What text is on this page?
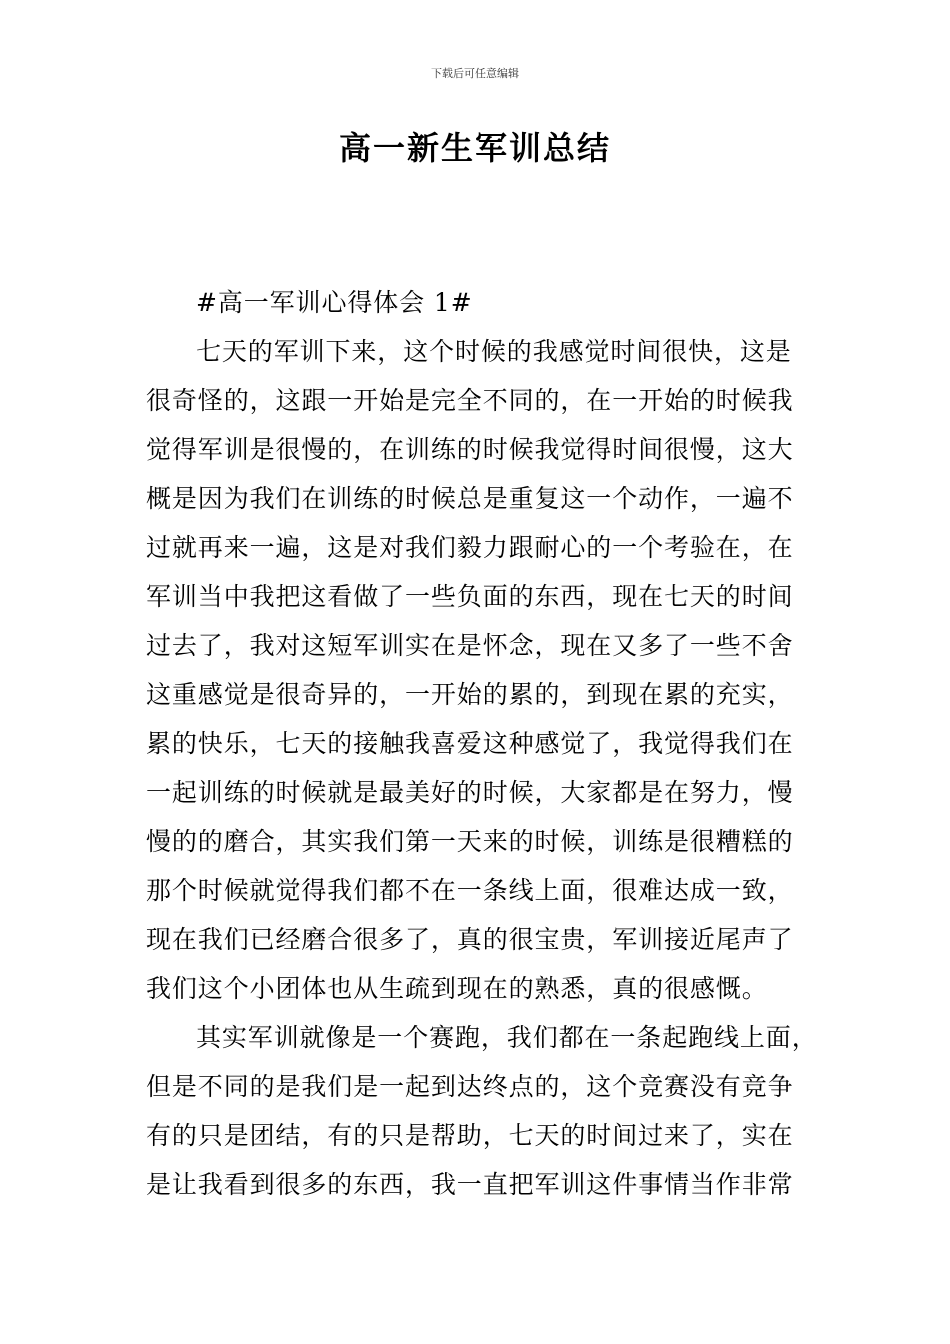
下载后可任意编辑
高一新生军训总结
#高一军训心得体会 1#
七天的军训下来，这个时候的我感觉时间很快，这是
很奇怪的，这跟一开始是完全不同的，在一开始的时候我
觉得军训是很慢的，在训练的时候我觉得时间很慢，这大
概是因为我们在训练的时候总是重复这一个动作，一遍不
过就再来一遍，这是对我们毅力跟耐心的一个考验在，在
军训当中我把这看做了一些负面的东西，现在七天的时间
过去了，我对这短军训实在是怀念，现在又多了一些不舍
这重感觉是很奇异的，一开始的累的，到现在累的充实，
累的快乐，七天的接触我喜爱这种感觉了，我觉得我们在
一起训练的时候就是最美好的时候，大家都是在努力，慢
慢的的磨合，其实我们第一天来的时候，训练是很糟糕的
那个时候就觉得我们都不在一条线上面，很难达成一致，
现在我们已经磨合很多了，真的很宝贵，军训接近尾声了
我们这个小团体也从生疏到现在的熟悉，真的很感慨。
其实军训就像是一个赛跑，我们都在一条起跑线上面，
但是不同的是我们是一起到达终点的，这个竞赛没有竞争
有的只是团结，有的只是帮助，七天的时间过来了，实在
是让我看到很多的东西，我一直把军训这件事情当作非常
